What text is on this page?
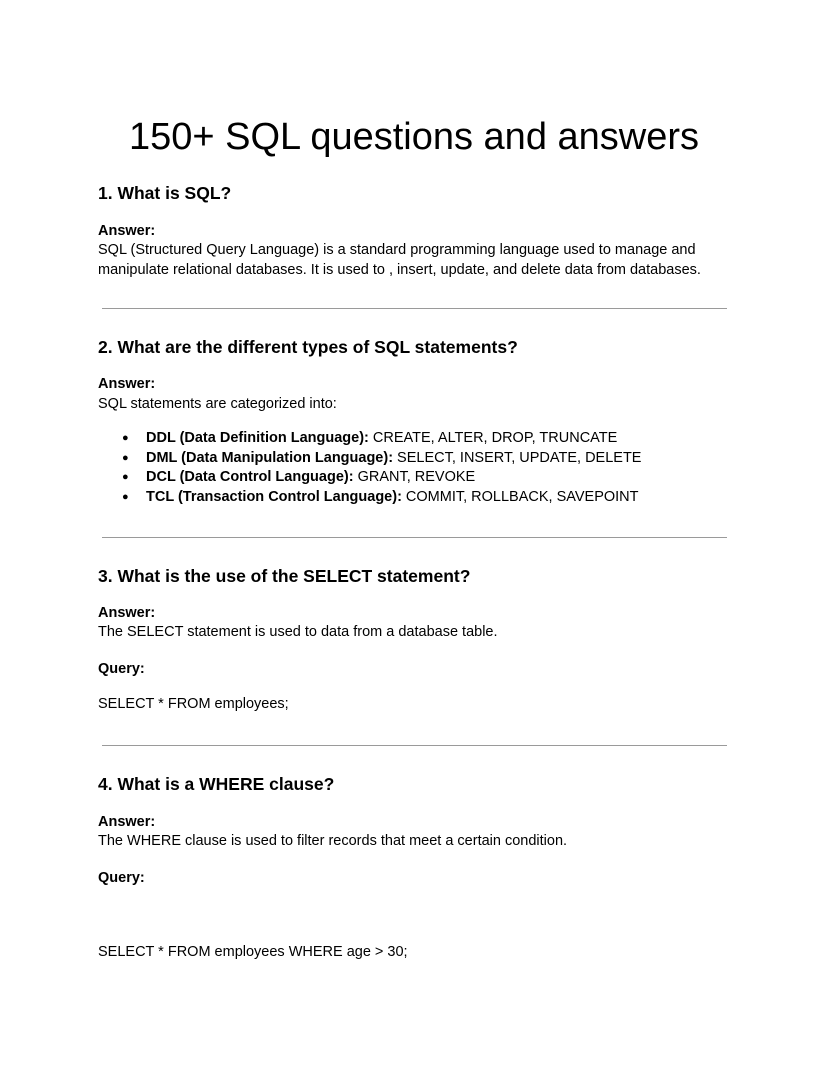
150+ SQL questions and answers
1. What is SQL?
Answer:
SQL (Structured Query Language) is a standard programming language used to manage and
manipulate relational databases. It is used to , insert, update, and delete data from databases.
2. What are the different types of SQL statements?
Answer:
SQL statements are categorized into:
● DDL (Data Definition Language): CREATE, ALTER, DROP, TRUNCATE
● DML (Data Manipulation Language): SELECT, INSERT, UPDATE, DELETE
● DCL (Data Control Language): GRANT, REVOKE
● TCL (Transaction Control Language): COMMIT, ROLLBACK, SAVEPOINT
3. What is the use of the SELECT statement?
Answer:
The SELECT statement is used to data from a database table.
Query:
SELECT * FROM employees;
4. What is a WHERE clause?
Answer:
The WHERE clause is used to filter records that meet a certain condition.
Query:
SELECT * FROM employees WHERE age > 30;
